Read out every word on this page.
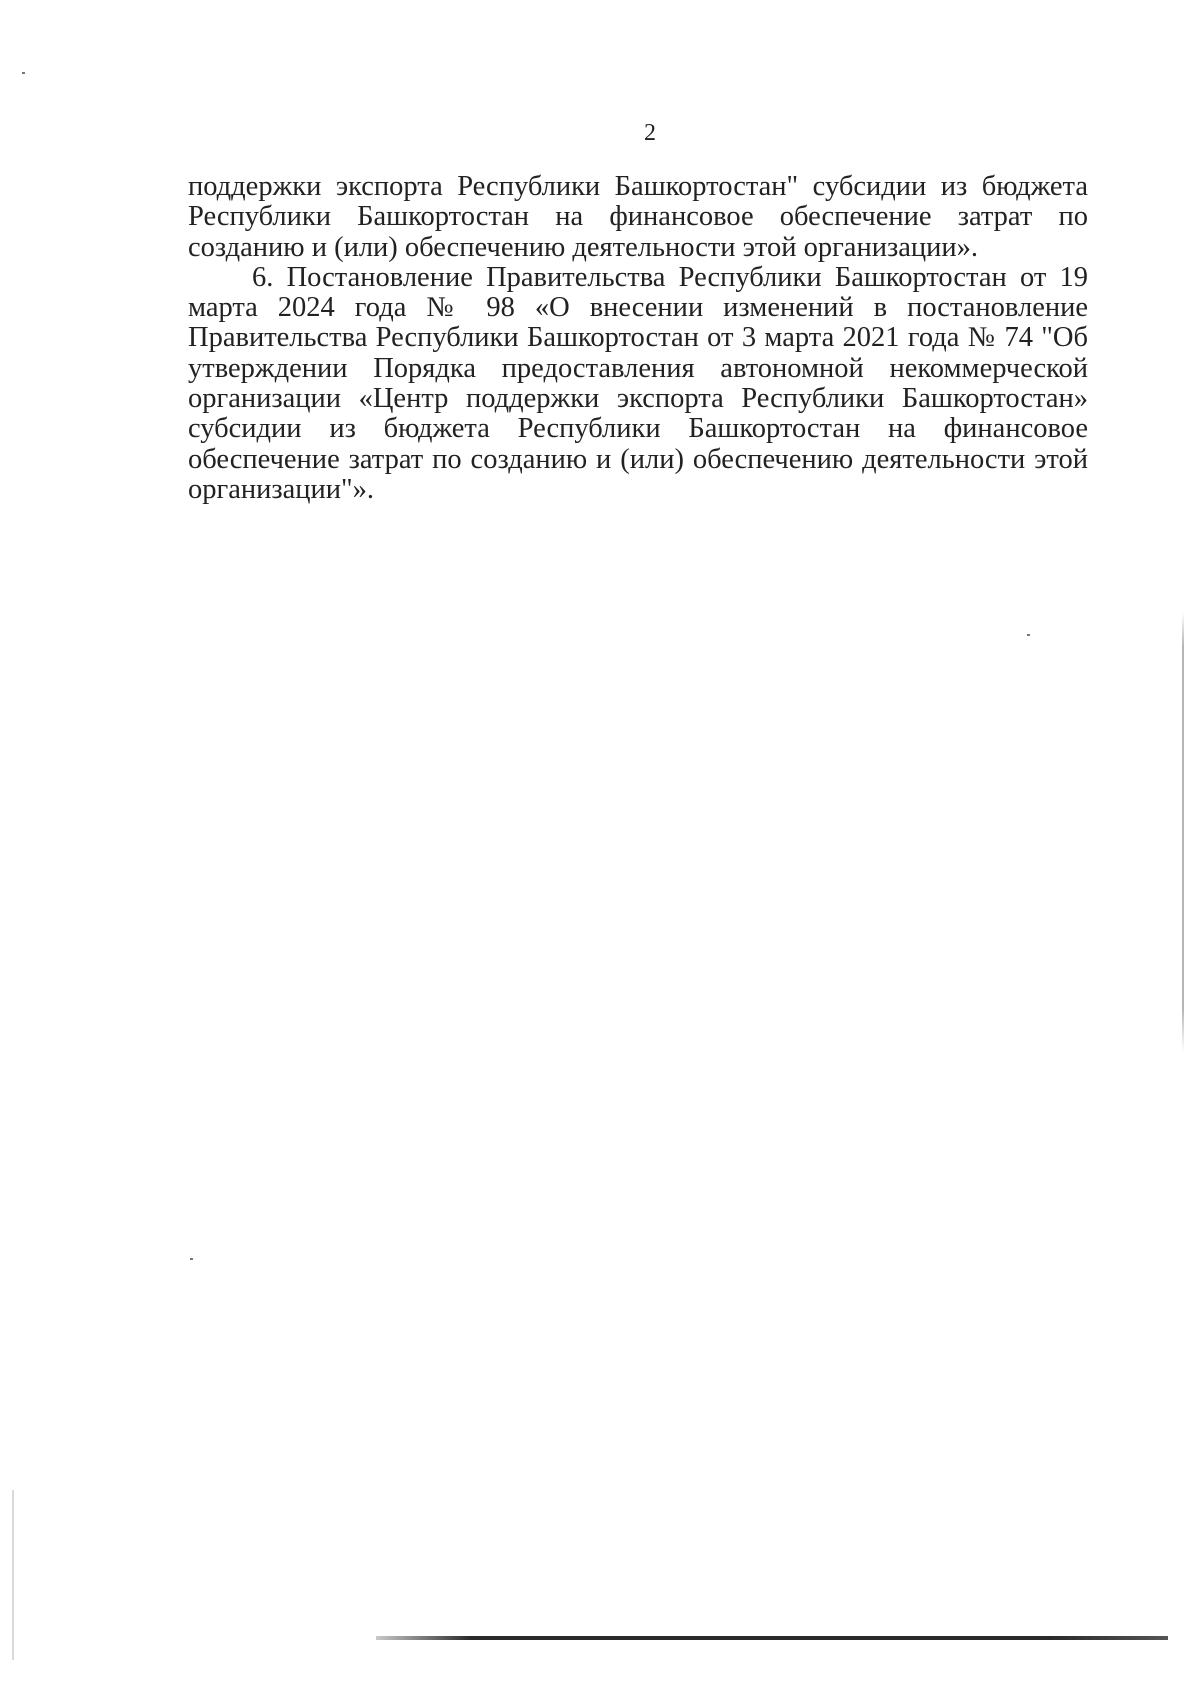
2

поддержки экспорта Республики Башкортостан" субсидии из бюджета Республики Башкортостан на финансовое обеспечение затрат по созданию и (или) обеспечению деятельности этой организации».

6. Постановление Правительства Республики Башкортостан от 19 марта 2024 года № 98 «О внесении изменений в постановление Правительства Республики Башкортостан от 3 марта 2021 года № 74 "Об утверждении Порядка предоставления автономной некоммерческой организации «Центр поддержки экспорта Республики Башкортостан» субсидии из бюджета Республики Башкортостан на финансовое обеспечение затрат по созданию и (или) обеспечению деятельности этой организации"».
